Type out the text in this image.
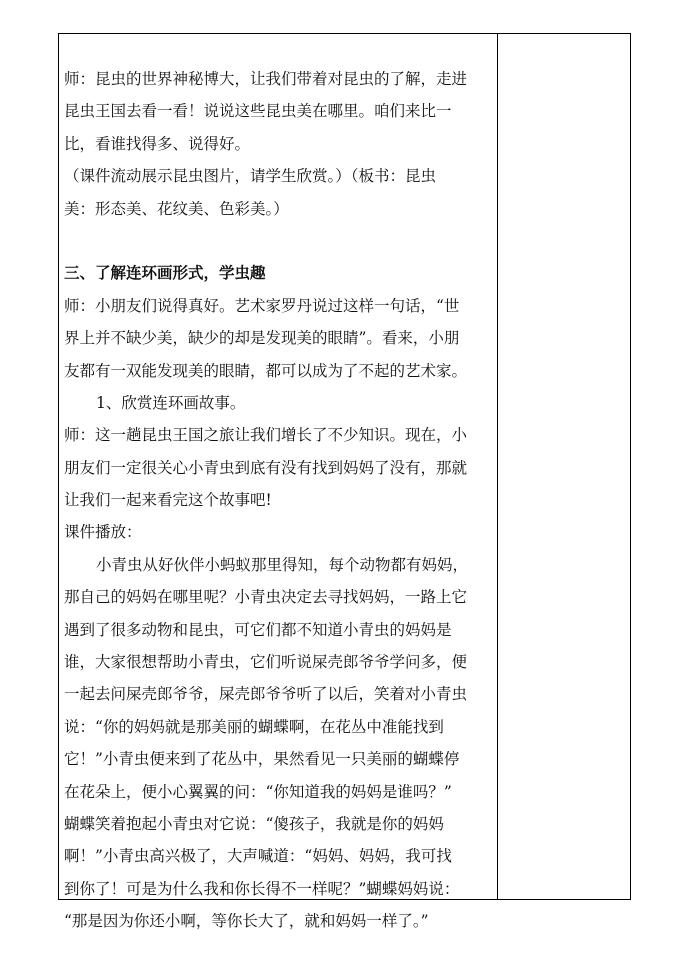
师：昆虫的世界神秘博大，让我们带着对昆虫的了解，走进
昆虫王国去看一看！说说这些昆虫美在哪里。咱们来比一
比，看谁找得多、说得好。
（课件流动展示昆虫图片，请学生欣赏。）（板书：昆虫
美：形态美、花纹美、色彩美。）
三、了解连环画形式，学虫趣
师：小朋友们说得真好。艺术家罗丹说过这样一句话，“世
界上并不缺少美，缺少的却是发现美的眼睛”。看来，小朋
友都有一双能发现美的眼睛，都可以成为了不起的艺术家。
1、欣赏连环画故事。
师：这一趟昆虫王国之旅让我们增长了不少知识。现在，小
朋友们一定很关心小青虫到底有没有找到妈妈了没有，那就
让我们一起来看完这个故事吧!
课件播放：
小青虫从好伙伴小蚂蚁那里得知，每个动物都有妈妈，
那自己的妈妈在哪里呢？小青虫决定去寻找妈妈，一路上它
遇到了很多动物和昆虫，可它们都不知道小青虫的妈妈是
谁，大家很想帮助小青虫，它们听说屎壳郎爷爷学问多，便
一起去问屎壳郎爷爷，屎壳郎爷爷听了以后，笑着对小青虫
说：“你的妈妈就是那美丽的蝴蝶啊，在花丛中准能找到
它！”小青虫便来到了花丛中，果然看见一只美丽的蝴蝶停
在花朵上，便小心翼翼的问：“你知道我的妈妈是谁吗？”
蝴蝶笑着抱起小青虫对它说：“傻孩子，我就是你的妈妈
啊！”小青虫高兴极了，大声喊道：“妈妈、妈妈，我可找
到你了！可是为什么我和你长得不一样呢？”蝴蝶妈妈说：
“那是因为你还小啊，等你长大了，就和妈妈一样了。”
